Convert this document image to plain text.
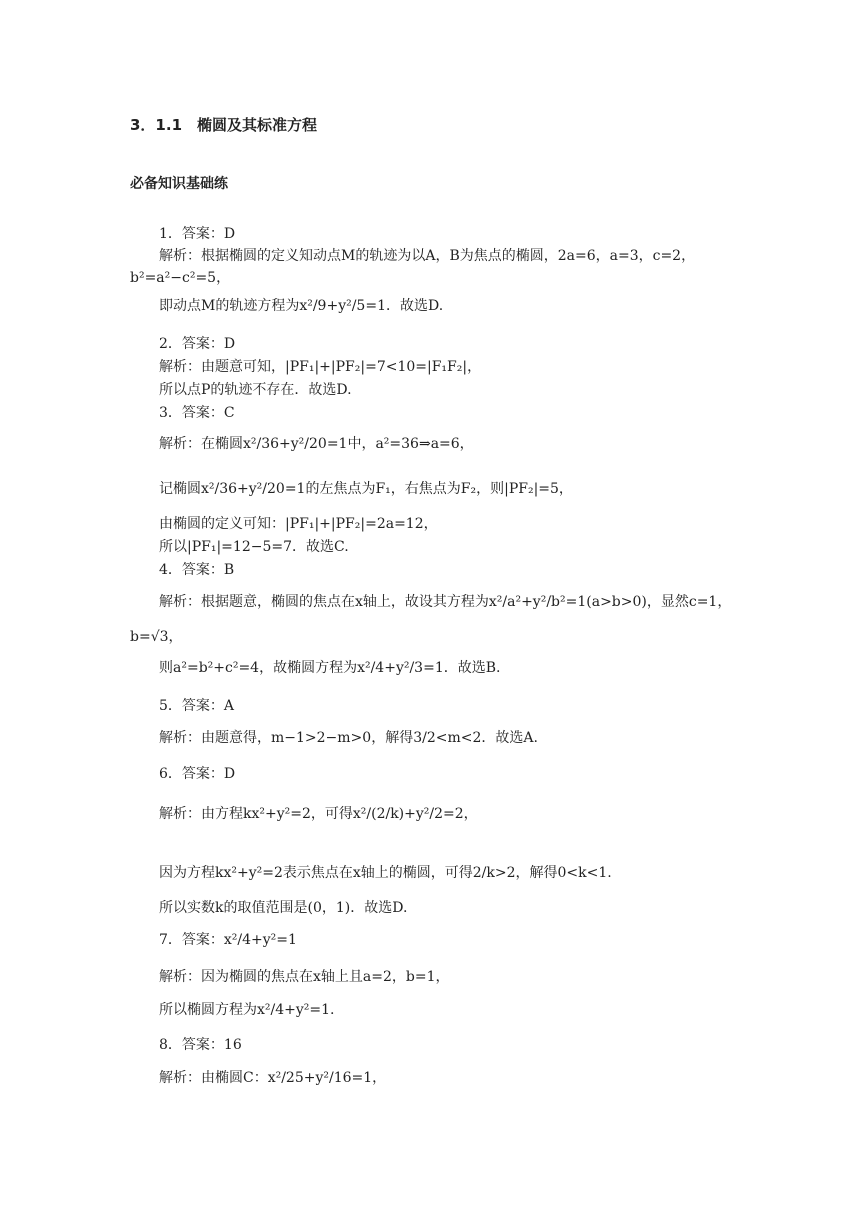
3．1.1　椭圆及其标准方程
必备知识基础练
1．答案：D
解析：根据椭圆的定义知动点M的轨迹为以A，B为焦点的椭圆，2a=6，a=3，c=2，
b²=a²−c²=5，
即动点M的轨迹方程为x²/9+y²/5=1．故选D.
2．答案：D
解析：由题意可知，|PF₁|+|PF₂|=7<10=|F₁F₂|，
所以点P的轨迹不存在．故选D.
3．答案：C
解析：在椭圆x²/36+y²/20=1中，a²=36⇒a=6，
记椭圆x²/36+y²/20=1的左焦点为F₁，右焦点为F₂，则|PF₂|=5，
由椭圆的定义可知：|PF₁|+|PF₂|=2a=12，
所以|PF₁|=12−5=7．故选C.
4．答案：B
解析：根据题意，椭圆的焦点在x轴上，故设其方程为x²/a²+y²/b²=1(a>b>0)，显然c=1，
b=√3，
则a²=b²+c²=4，故椭圆方程为x²/4+y²/3=1．故选B.
5．答案：A
解析：由题意得，m−1>2−m>0，解得3/2<m<2．故选A.
6．答案：D
解析：由方程kx²+y²=2，可得x²/(2/k)+y²/2=2，
因为方程kx²+y²=2表示焦点在x轴上的椭圆，可得2/k>2，解得0<k<1.
所以实数k的取值范围是(0，1)．故选D.
7．答案：x²/4+y²=1
解析：因为椭圆的焦点在x轴上且a=2，b=1，
所以椭圆方程为x²/4+y²=1.
8．答案：16
解析：由椭圆C：x²/25+y²/16=1，
